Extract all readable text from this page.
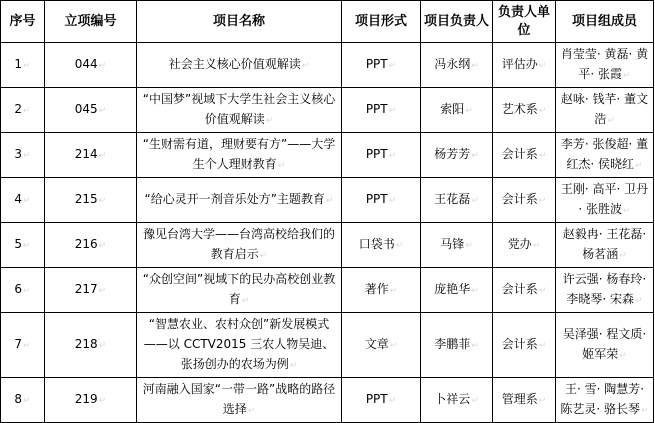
序号	立项编号	项目名称	项目形式	项目负责人	负责人单位	项目组成员
1↵	044↵	社会主义核心价值观解读↵	PPT↵	冯永纲↵	评估办↵	肖莹莹· 黄磊· 黄平· 张霞↵
2↵	045↵	“中国梦”视域下大学生社会主义核心价值观解读↵	PPT↵	索阳↵	艺术系↵	赵咏· 钱芊· 董文浩↵
3↵	214↵	“生财需有道，理财要有方”——大学生个人理财教育↵	PPT↵	杨芳芳↵	会计系↵	李芳· 张俊超· 董红杰· 侯晓红↵
4↵	215↵	“给心灵开一剂音乐处方”主题教育↵	PPT↵	王花磊↵	会计系↵	王刚· 高平· 卫丹· 张胜波↵
5↵	216↵	豫见台湾大学——台湾高校给我们的教育启示↵	口袋书↵	马锋↵	党办↵	赵毅冉· 王花磊· 杨茗涵↵
6↵	217↵	“众创空间”视域下的民办高校创业教育↵	著作↵	庞艳华↵	会计系↵	许云强· 杨春玲· 李晓琴· 宋森↵
7↵	218↵	“智慧农业、农村众创”新发展模式——以 CCTV2015 三农人物吴迪、张扬创办的农场为例↵	文章↵	李鹏菲↵	会计系↵	吴泽强· 程文质· 姬军荣↵
8↵	219↵	河南融入国家“一带一路”战略的路径选择↵	PPT↵	卜祥云↵	管理系↵	王· 雪· 陶慧芳· 陈艺灵· 骆长琴↵
